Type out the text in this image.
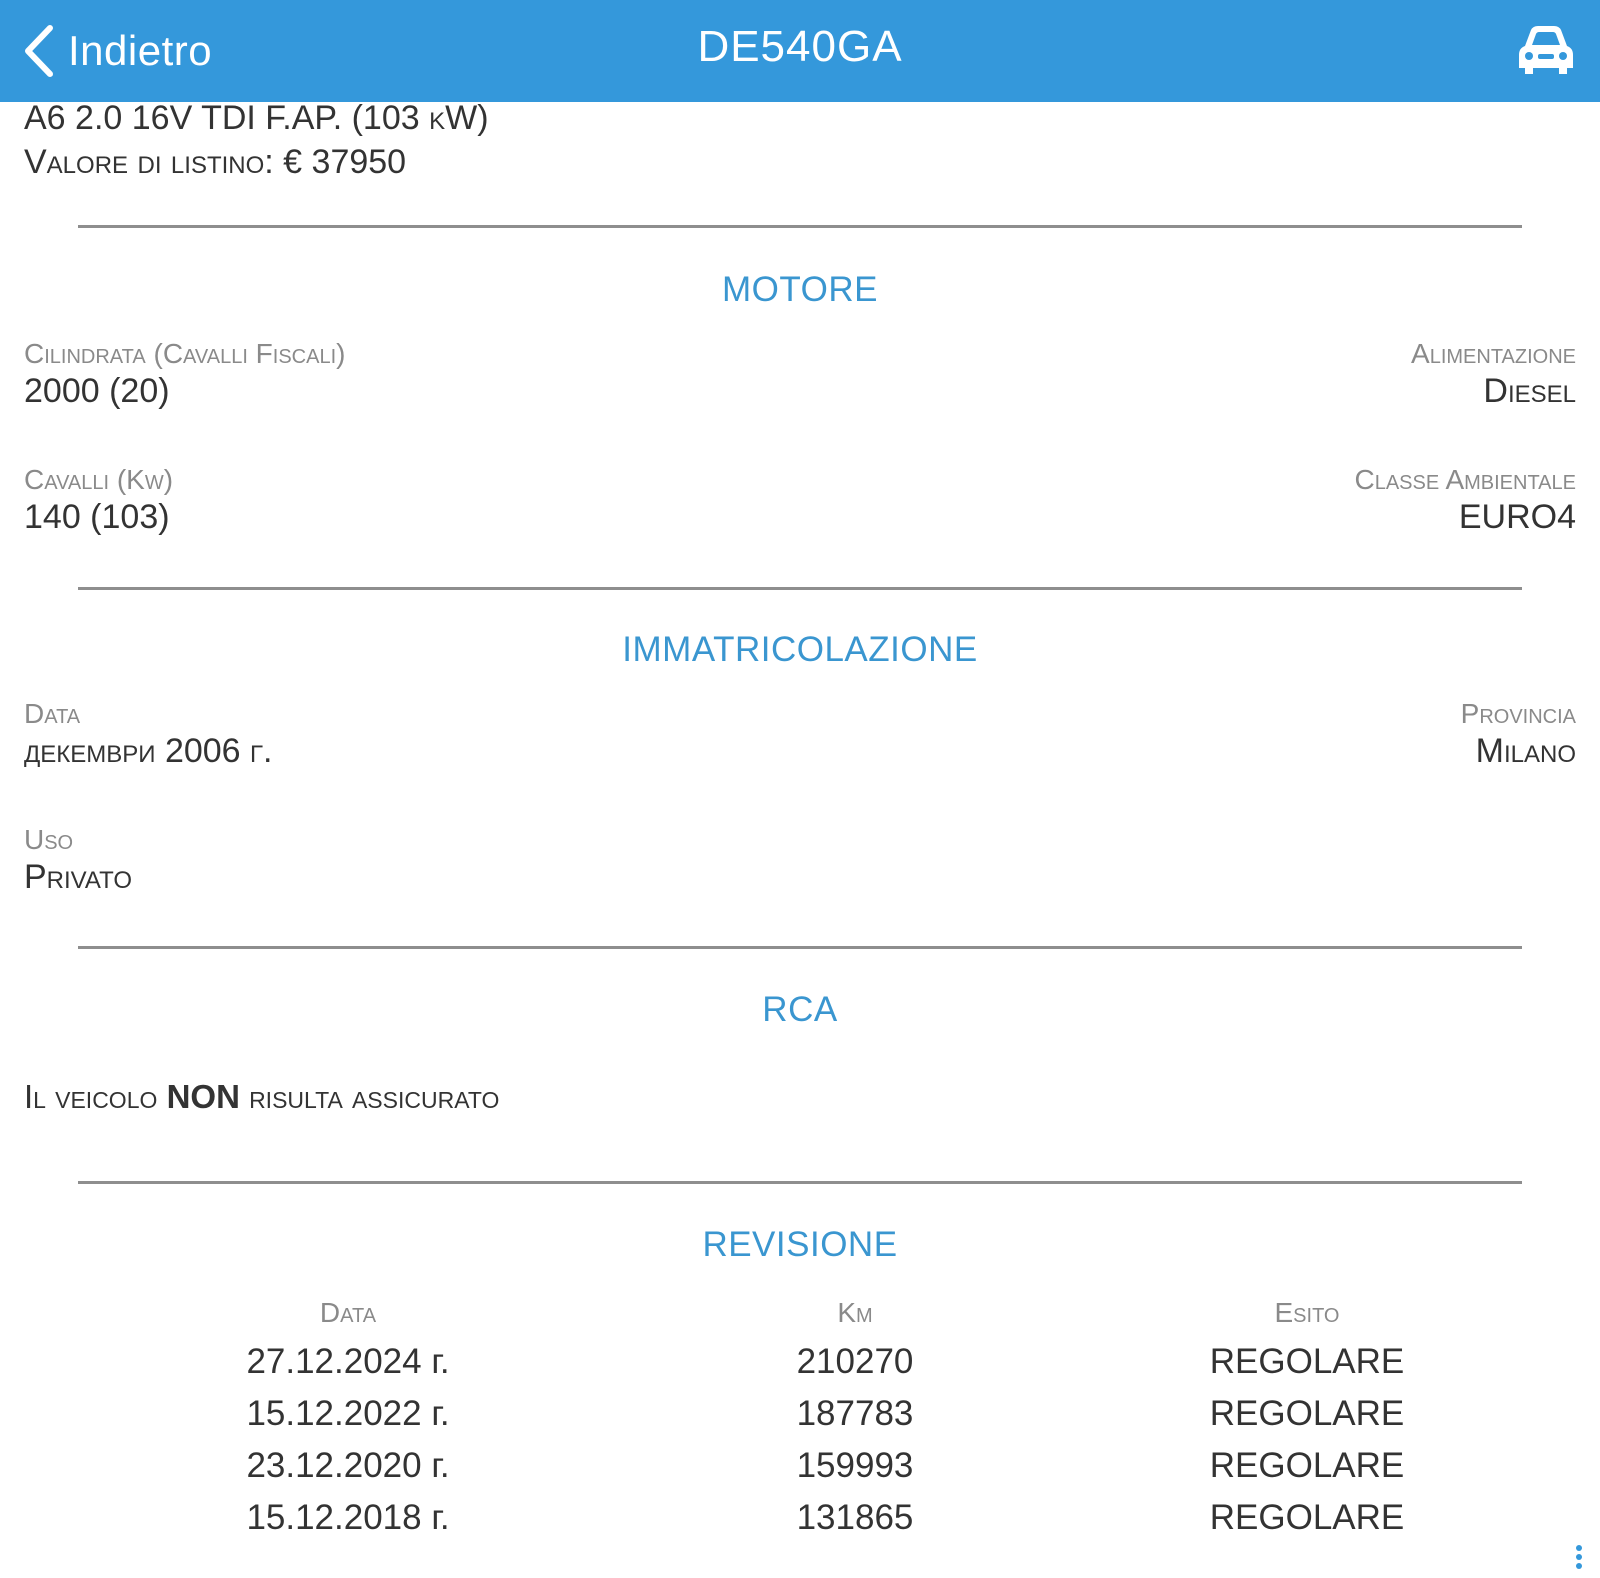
Indietro	DE540GA
A6 2.0 16V TDI F.AP. (103 kW)
Valore di listino: € 37950
MOTORE
Cilindrata (Cavalli Fiscali)
2000 (20)
Alimentazione
Diesel
Cavalli (Kw)
140 (103)
Classe Ambientale
EURO4
IMMATRICOLAZIONE
Data
декември 2006 г.
Provincia
Milano
Uso
Privato
RCA
Il veicolo NON risulta assicurato
REVISIONE
Data	Km	Esito
27.12.2024 г.	210270	REGOLARE
15.12.2022 г.	187783	REGOLARE
23.12.2020 г.	159993	REGOLARE
15.12.2018 г.	131865	REGOLARE
